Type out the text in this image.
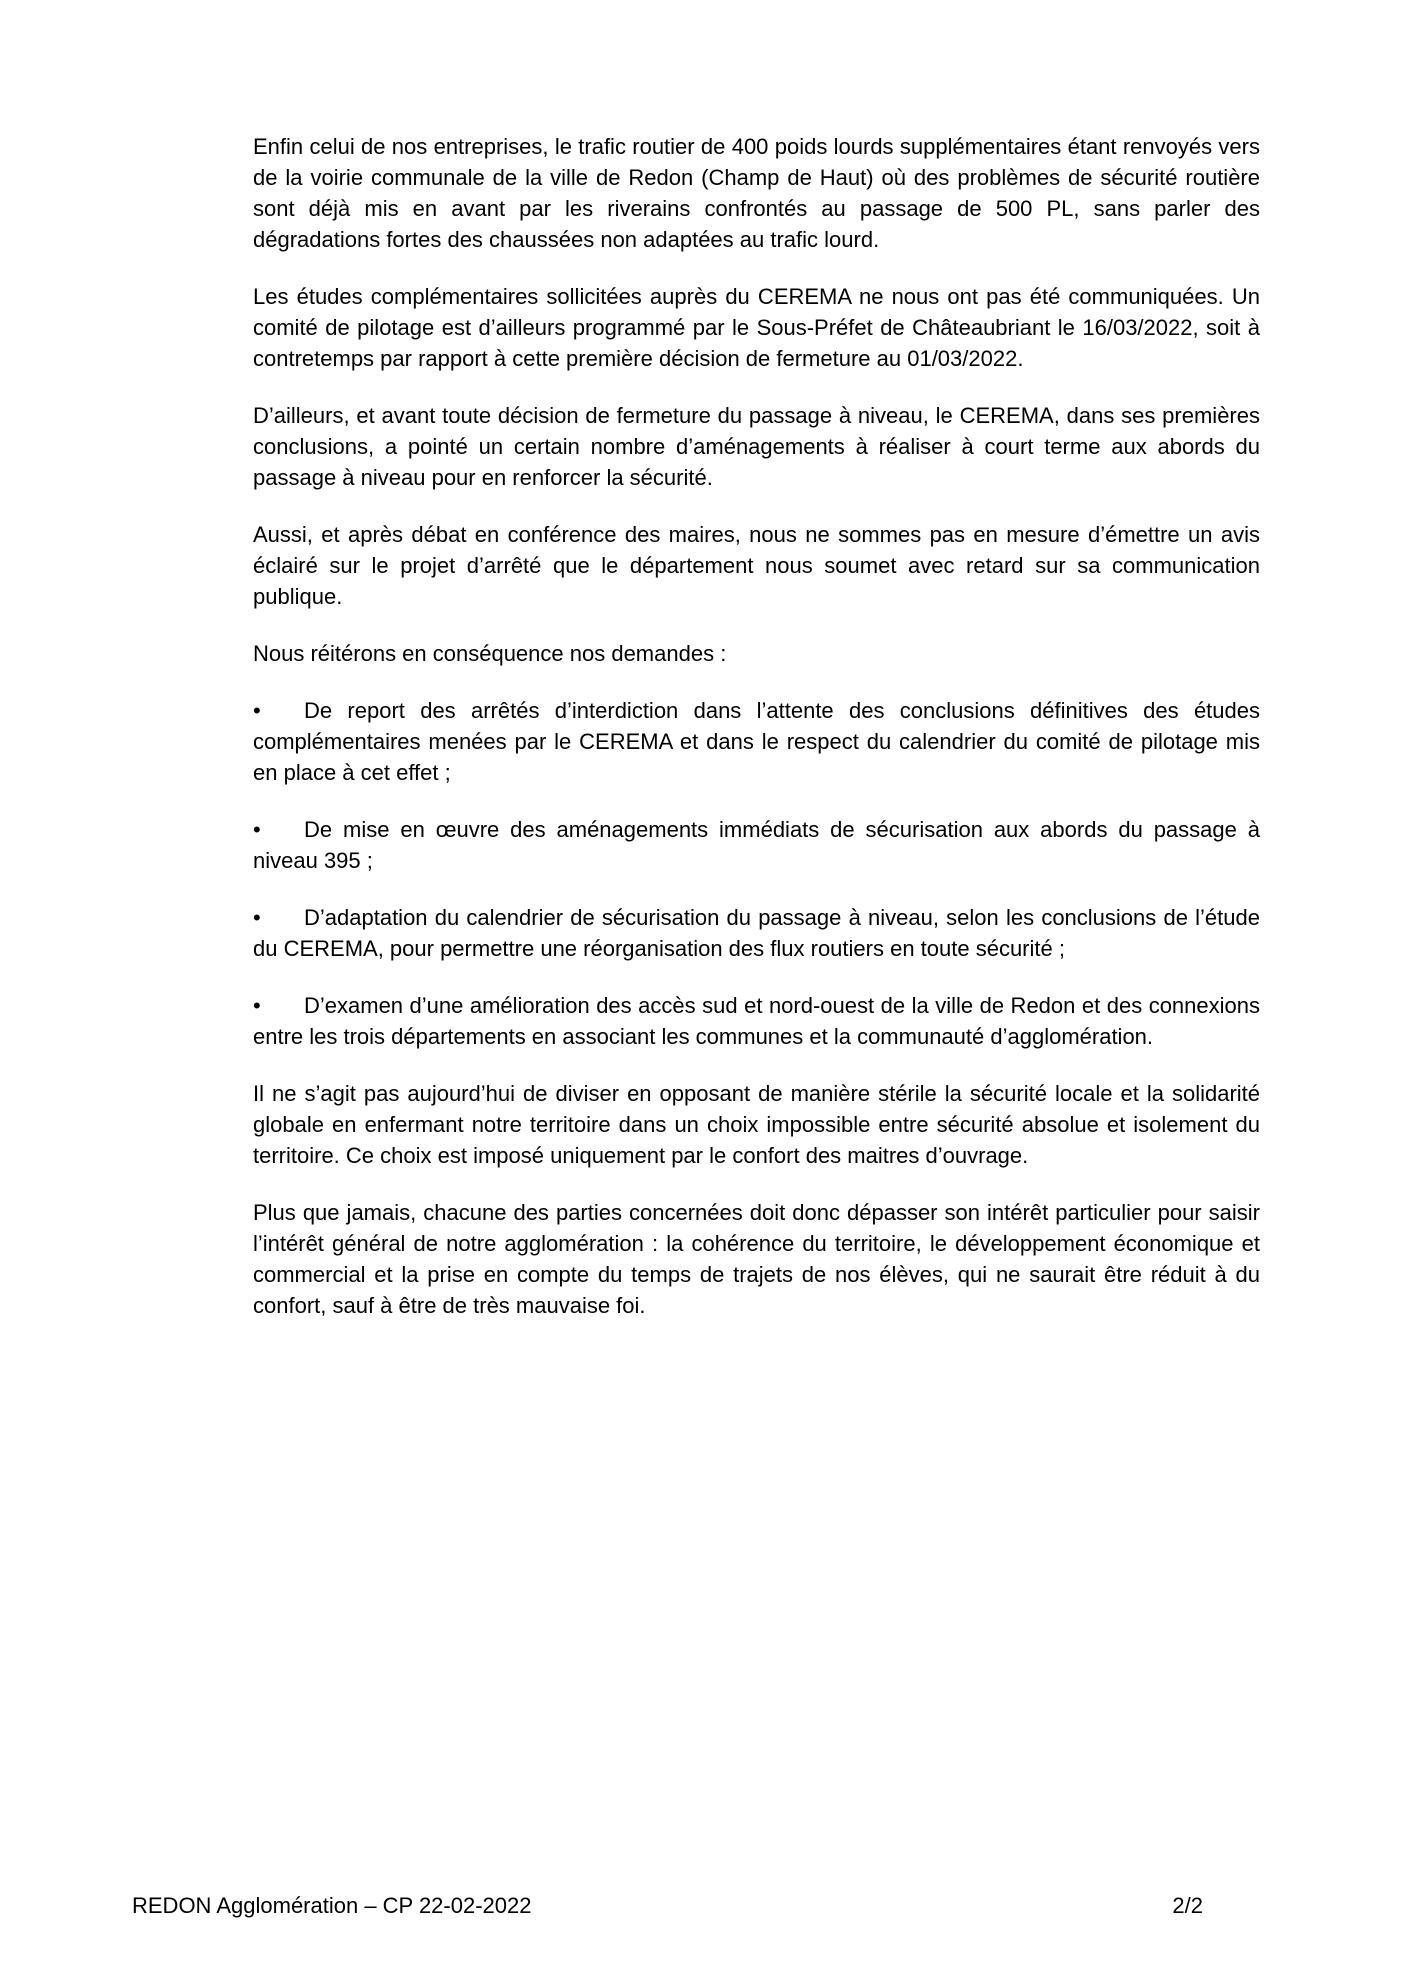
Enfin celui de nos entreprises, le trafic routier de 400 poids lourds supplémentaires étant renvoyés vers de la voirie communale de la ville de Redon (Champ de Haut) où des problèmes de sécurité routière sont déjà mis en avant par les riverains confrontés au passage de 500 PL, sans parler des dégradations fortes des chaussées non adaptées au trafic lourd.

Les études complémentaires sollicitées auprès du CEREMA ne nous ont pas été communiquées. Un comité de pilotage est d’ailleurs programmé par le Sous-Préfet de Châteaubriant le 16/03/2022, soit à contretemps par rapport à cette première décision de fermeture au 01/03/2022.

D’ailleurs, et avant toute décision de fermeture du passage à niveau, le CEREMA, dans ses premières conclusions, a pointé un certain nombre d’aménagements à réaliser à court terme aux abords du passage à niveau pour en renforcer la sécurité.

Aussi, et après débat en conférence des maires, nous ne sommes pas en mesure d’émettre un avis éclairé sur le projet d’arrêté que le département nous soumet avec retard sur sa communication publique.

Nous réitérons en conséquence nos demandes :

• De report des arrêtés d’interdiction dans l’attente des conclusions définitives des études complémentaires menées par le CEREMA et dans le respect du calendrier du comité de pilotage mis en place à cet effet ;

• De mise en œuvre des aménagements immédiats de sécurisation aux abords du passage à niveau 395 ;

• D’adaptation du calendrier de sécurisation du passage à niveau, selon les conclusions de l’étude du CEREMA, pour permettre une réorganisation des flux routiers en toute sécurité ;

• D’examen d’une amélioration des accès sud et nord-ouest de la ville de Redon et des connexions entre les trois départements en associant les communes et la communauté d’agglomération.

Il ne s’agit pas aujourd’hui de diviser en opposant de manière stérile la sécurité locale et la solidarité globale en enfermant notre territoire dans un choix impossible entre sécurité absolue et isolement du territoire. Ce choix est imposé uniquement par le confort des maitres d’ouvrage.

Plus que jamais, chacune des parties concernées doit donc dépasser son intérêt particulier pour saisir l’intérêt général de notre agglomération : la cohérence du territoire, le développement économique et commercial et la prise en compte du temps de trajets de nos élèves, qui ne saurait être réduit à du confort, sauf à être de très mauvaise foi.

REDON Agglomération – CP 22-02-2022	2/2
